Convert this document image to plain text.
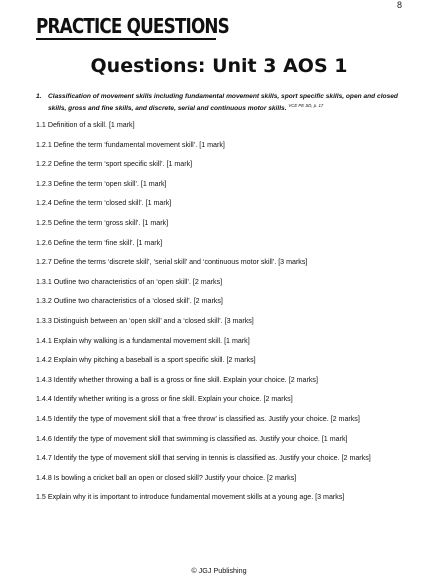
8
PRACTICE QUESTIONS
Questions: Unit 3 AOS 1
1. Classification of movement skills including fundamental movement skills, sport specific skills, open and closed skills, gross and fine skills, and discrete, serial and continuous motor skills. $^{VCE PE SD, p. 17}$
1.1 Definition of a skill. [1 mark]
1.2.1 Define the term ‘fundamental movement skill’. [1 mark]
1.2.2 Define the term ‘sport specific skill’. [1 mark]
1.2.3 Define the term ‘open skill’. [1 mark]
1.2.4 Define the term ‘closed skill’. [1 mark]
1.2.5 Define the term ‘gross skill’. [1 mark]
1.2.6 Define the term ‘fine skill’. [1 mark]
1.2.7 Define the terms ‘discrete skill’, ‘serial skill’ and ‘continuous motor skill’. [3 marks]
1.3.1 Outline two characteristics of an ‘open skill’. [2 marks]
1.3.2 Outline two characteristics of a ‘closed skill’. [2 marks]
1.3.3 Distinguish between an ‘open skill’ and a ‘closed skill’. [3 marks]
1.4.1 Explain why walking is a fundamental movement skill. [1 mark]
1.4.2 Explain why pitching a baseball is a sport specific skill. [2 marks]
1.4.3 Identify whether throwing a ball is a gross or fine skill. Explain your choice. [2 marks]
1.4.4 Identify whether writing is a gross or fine skill. Explain your choice. [2 marks]
1.4.5 Identify the type of movement skill that a ‘free throw’ is classified as. Justify your choice. [2 marks]
1.4.6 Identify the type of movement skill that swimming is classified as. Justify your choice. [1 mark]
1.4.7 Identify the type of movement skill that serving in tennis is classified as. Justify your choice. [2 marks]
1.4.8 Is bowling a cricket ball an open or closed skill? Justify your choice. [2 marks]
1.5 Explain why it is important to introduce fundamental movement skills at a young age. [3 marks]
© JGJ Publishing
